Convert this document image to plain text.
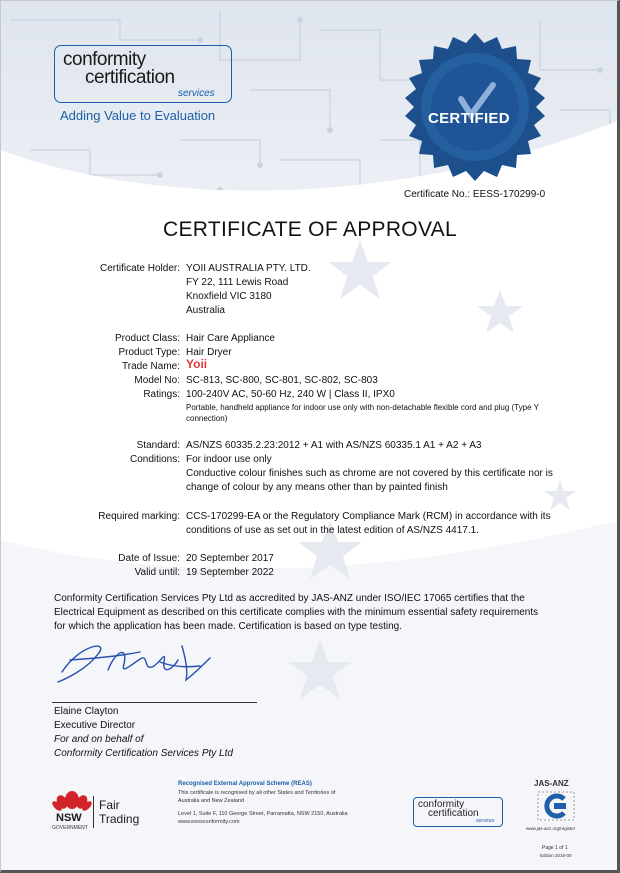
conformity
certification
services
Adding Value to Evaluation	CERTIFIED
Certificate No.: EESS-170299-0
CERTIFICATE OF APPROVAL
Certificate Holder: YOII AUSTRALIA PTY. LTD.
FY 22, 111 Lewis Road
Knoxfield VIC 3180
Australia
Product Class: Hair Care Appliance
Product Type: Hair Dryer
Trade Name: Yoii
Model No: SC-813, SC-800, SC-801, SC-802, SC-803
Ratings: 100-240V AC, 50-60 Hz, 240 W | Class II, IPX0
Portable, handheld appliance for indoor use only with non-detachable flexible cord and plug (Type Y
connection)
Standard: AS/NZS 60335.2.23:2012 + A1 with AS/NZS 60335.1 A1 + A2 + A3
Conditions: For indoor use only
Conductive colour finishes such as chrome are not covered by this certificate nor is
change of colour by any means other than by painted finish
Required marking: CCS-170299-EA or the Regulatory Compliance Mark (RCM) in accordance with its
conditions of use as set out in the latest edition of AS/NZS 4417.1.
Date of Issue: 20 September 2017
Valid until: 19 September 2022
Conformity Certification Services Pty Ltd as accredited by JAS-ANZ under ISO/IEC 17065 certifies that the
Electrical Equipment as described on this certificate complies with the minimum essential safety requirements
for which the application has been made. Certification is based on type testing.
Elaine Clayton
Executive Director
For and on behalf of
Conformity Certification Services Pty Ltd
NSW
GOVERNMENT
Fair
Trading
Recognised External Approval Scheme (REAS)
This certificate is recognised by all other States and Territories of
Australia and New Zealand
Level 1, Suite F, 110 George Street, Parramatta, NSW 2150, Australia
www.eessconformity.com
conformity
certification
services
JAS-ANZ
www.jas-anz.org/register
Page 1 of 1
Edition 2016-00
